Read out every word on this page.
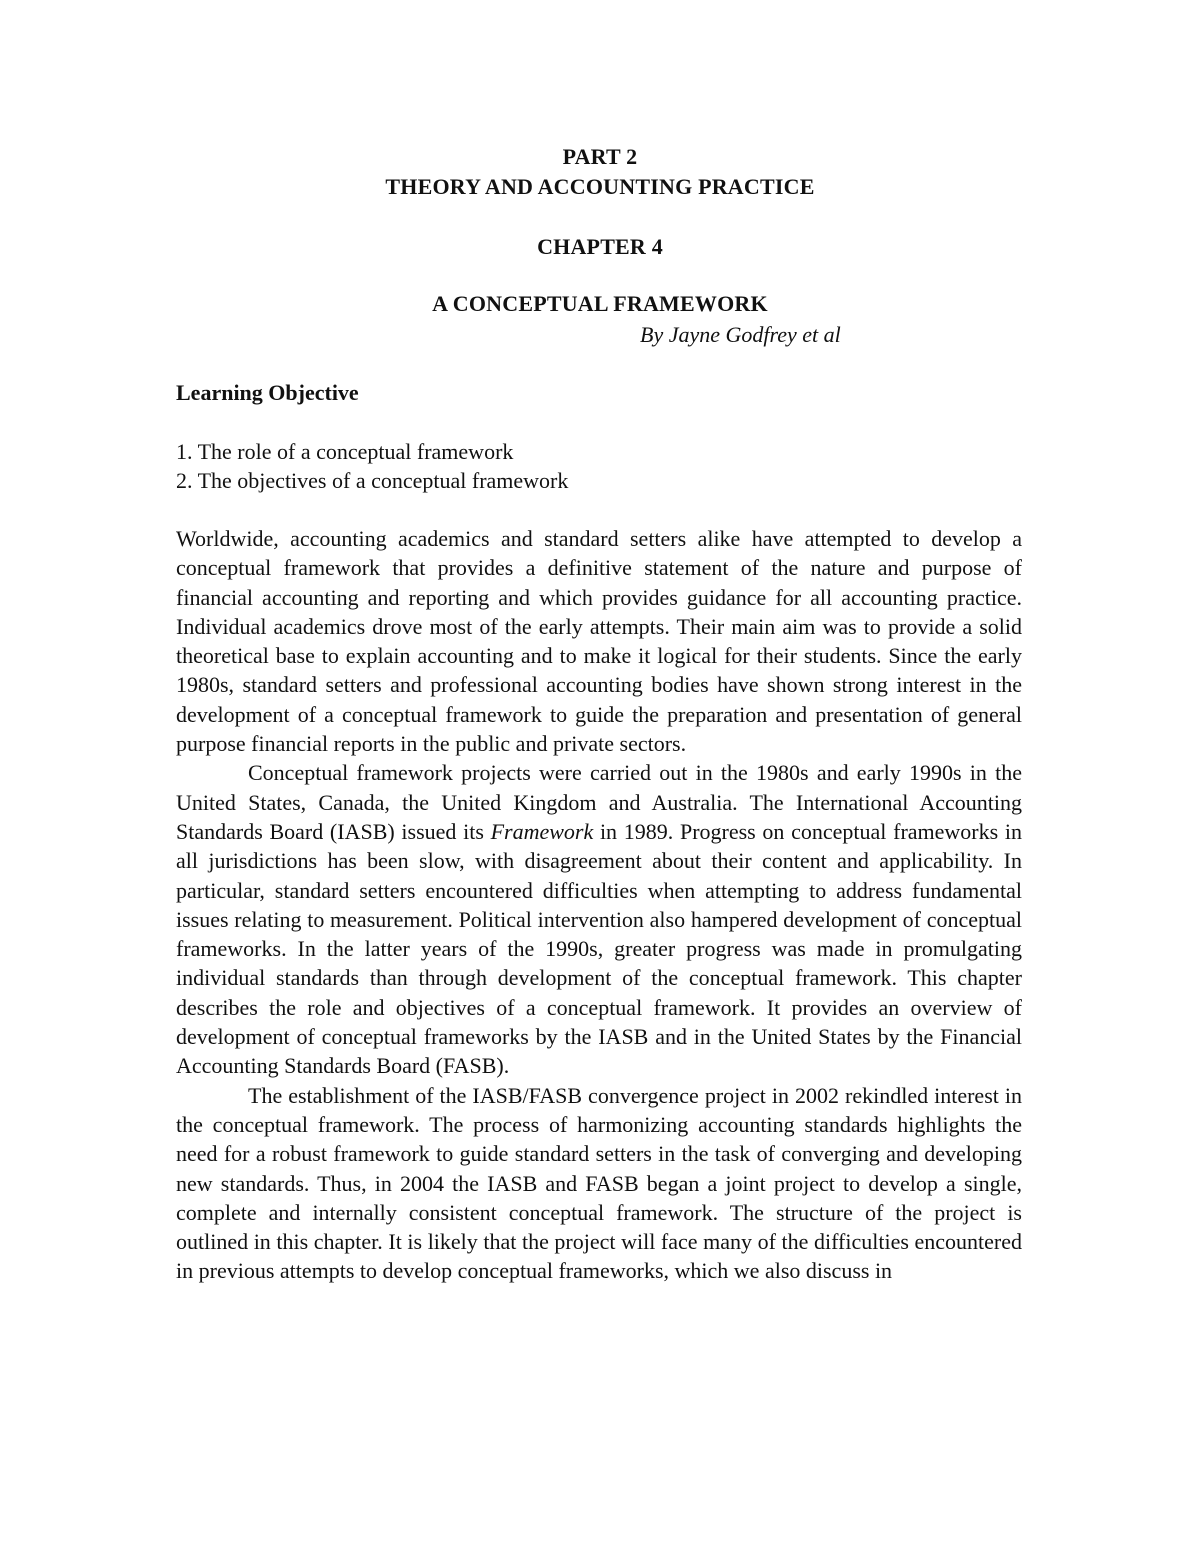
PART 2
THEORY AND ACCOUNTING PRACTICE
CHAPTER 4
A CONCEPTUAL FRAMEWORK
By Jayne Godfrey et al
Learning Objective
1. The role of a conceptual framework
2. The objectives of a conceptual framework

Worldwide, accounting academics and standard setters alike have attempted to develop a conceptual framework that provides a definitive statement of the nature and purpose of financial accounting and reporting and which provides guidance for all accounting practice. Individual academics drove most of the early attempts. Their main aim was to provide a solid theoretical base to explain accounting and to make it logical for their students. Since the early 1980s, standard setters and professional accounting bodies have shown strong interest in the development of a conceptual framework to guide the preparation and presentation of general purpose financial reports in the public and private sectors.

Conceptual framework projects were carried out in the 1980s and early 1990s in the United States, Canada, the United Kingdom and Australia. The International Accounting Standards Board (IASB) issued its Framework in 1989. Progress on conceptual frameworks in all jurisdictions has been slow, with disagreement about their content and applicability. In particular, standard setters encountered difficulties when attempting to address fundamental issues relating to measurement. Political intervention also hampered development of conceptual frameworks. In the latter years of the 1990s, greater progress was made in promulgating individual standards than through development of the conceptual framework. This chapter describes the role and objectives of a conceptual framework. It provides an overview of development of conceptual frameworks by the IASB and in the United States by the Financial Accounting Standards Board (FASB).

The establishment of the IASB/FASB convergence project in 2002 rekindled interest in the conceptual framework. The process of harmonizing accounting standards highlights the need for a robust framework to guide standard setters in the task of converging and developing new standards. Thus, in 2004 the IASB and FASB began a joint project to develop a single, complete and internally consistent conceptual framework. The structure of the project is outlined in this chapter. It is likely that the project will face many of the difficulties encountered in previous attempts to develop conceptual frameworks, which we also discuss in
